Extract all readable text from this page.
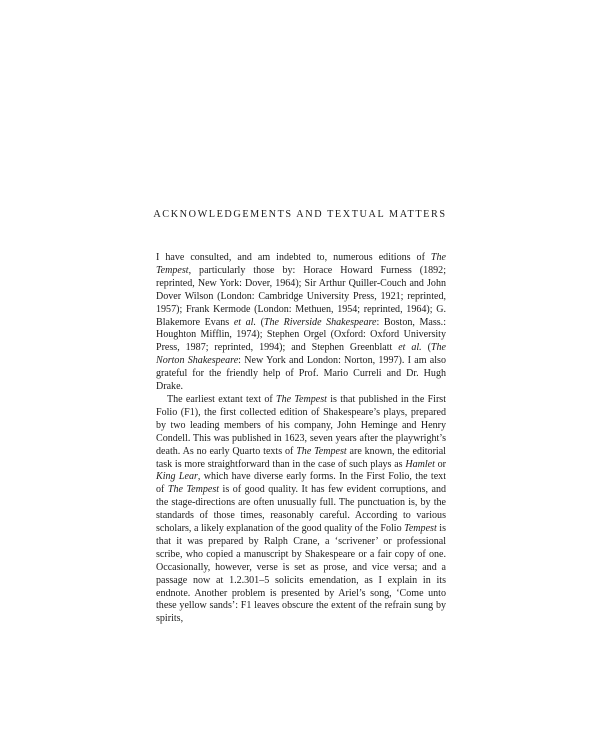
ACKNOWLEDGEMENTS AND TEXTUAL MATTERS

I have consulted, and am indebted to, numerous editions of The Tempest, particularly those by: Horace Howard Furness (1892; reprinted, New York: Dover, 1964); Sir Arthur Quiller-Couch and John Dover Wilson (London: Cambridge University Press, 1921; reprinted, 1957); Frank Kermode (London: Methuen, 1954; reprinted, 1964); G. Blakemore Evans et al. (The Riverside Shakespeare: Boston, Mass.: Houghton Mifflin, 1974); Stephen Orgel (Oxford: Oxford University Press, 1987; reprinted, 1994); and Stephen Greenblatt et al. (The Norton Shakespeare: New York and London: Norton, 1997). I am also grateful for the friendly help of Prof. Mario Curreli and Dr. Hugh Drake.

The earliest extant text of The Tempest is that published in the First Folio (F1), the first collected edition of Shakespeare’s plays, prepared by two leading members of his company, John Heminge and Henry Condell. This was published in 1623, seven years after the playwright’s death. As no early Quarto texts of The Tempest are known, the editorial task is more straightforward than in the case of such plays as Hamlet or King Lear, which have diverse early forms. In the First Folio, the text of The Tempest is of good quality. It has few evident corruptions, and the stage-directions are often unusually full. The punctuation is, by the standards of those times, reasonably careful. According to various scholars, a likely explanation of the good quality of the Folio Tempest is that it was prepared by Ralph Crane, a ‘scrivener’ or professional scribe, who copied a manuscript by Shakespeare or a fair copy of one. Occasionally, however, verse is set as prose, and vice versa; and a passage now at 1.2.301–5 solicits emendation, as I explain in its endnote. Another problem is presented by Ariel’s song, ‘Come unto these yellow sands’: F1 leaves obscure the extent of the refrain sung by spirits,
